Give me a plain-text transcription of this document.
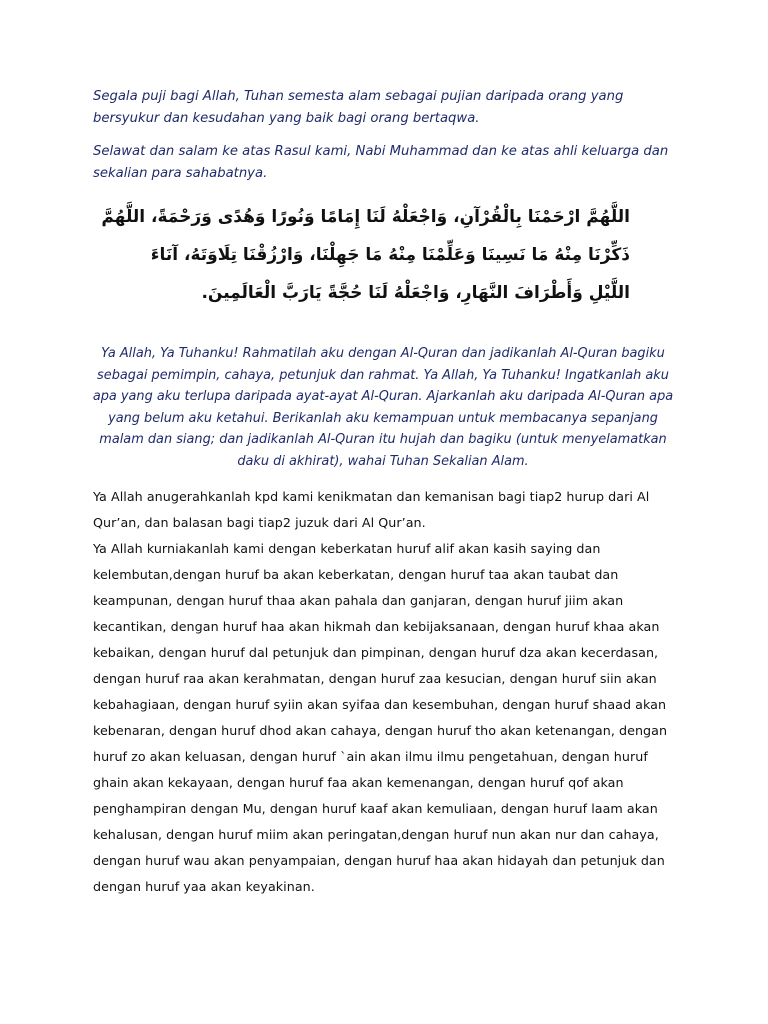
Segala puji bagi Allah, Tuhan semesta alam sebagai pujian daripada orang yang bersyukur dan kesudahan yang baik bagi orang bertaqwa.

Selawat dan salam ke atas Rasul kami, Nabi Muhammad dan ke atas ahli keluarga dan sekalian para sahabatnya.

اللَّهُمَّ ارْحَمْنَا بِالْقُرْآنِ، وَاجْعَلْهُ لَنَا إِمَامًا وَنُورًا وَهُدًى وَرَحْمَةً، اللَّهُمَّ
ذَكِّرْنَا مِنْهُ مَا نَسِينَا وَعَلِّمْنَا مِنْهُ مَا جَهِلْنَا، وَارْزُقْنَا تِلَاوَتَهُ، آنَاءَ
اللَّيْلِ وَأَطْرَافَ النَّهَارِ، وَاجْعَلْهُ لَنَا حُجَّةً يَارَبَّ الْعَالَمِينَ.

Ya Allah, Ya Tuhanku! Rahmatilah aku dengan Al-Quran dan jadikanlah Al-Quran bagiku sebagai pemimpin, cahaya, petunjuk dan rahmat. Ya Allah, Ya Tuhanku! Ingatkanlah aku apa yang aku terlupa daripada ayat-ayat Al-Quran. Ajarkanlah aku daripada Al-Quran apa yang belum aku ketahui. Berikanlah aku kemampuan untuk membacanya sepanjang malam dan siang; dan jadikanlah Al-Quran itu hujah dan bagiku (untuk menyelamatkan daku di akhirat), wahai Tuhan Sekalian Alam.

Ya Allah anugerahkanlah kpd kami kenikmatan dan kemanisan bagi tiap2 hurup dari Al Qur’an, dan balasan bagi tiap2 juzuk dari Al Qur’an.

Ya Allah kurniakanlah kami dengan keberkatan huruf alif akan kasih saying dan kelembutan,dengan huruf ba akan keberkatan, dengan huruf taa akan taubat dan keampunan, dengan huruf thaa akan pahala dan ganjaran, dengan huruf jiim akan kecantikan, dengan huruf haa akan hikmah dan kebijaksanaan, dengan huruf khaa akan kebaikan, dengan huruf dal petunjuk dan pimpinan, dengan huruf dza akan kecerdasan, dengan huruf raa akan kerahmatan, dengan huruf zaa kesucian, dengan huruf siin akan kebahagiaan, dengan huruf syiin akan syifaa dan kesembuhan, dengan huruf shaad akan kebenaran, dengan huruf dhod akan cahaya, dengan huruf tho akan ketenangan, dengan huruf zo akan keluasan, dengan huruf `ain akan ilmu ilmu pengetahuan, dengan huruf ghain akan kekayaan, dengan huruf faa akan kemenangan, dengan huruf qof akan penghampiran dengan Mu, dengan huruf kaaf akan kemuliaan, dengan huruf laam akan kehalusan, dengan huruf miim akan peringatan,dengan huruf nun akan nur dan cahaya, dengan huruf wau akan penyampaian, dengan huruf haa akan hidayah dan petunjuk dan dengan huruf yaa akan keyakinan.
